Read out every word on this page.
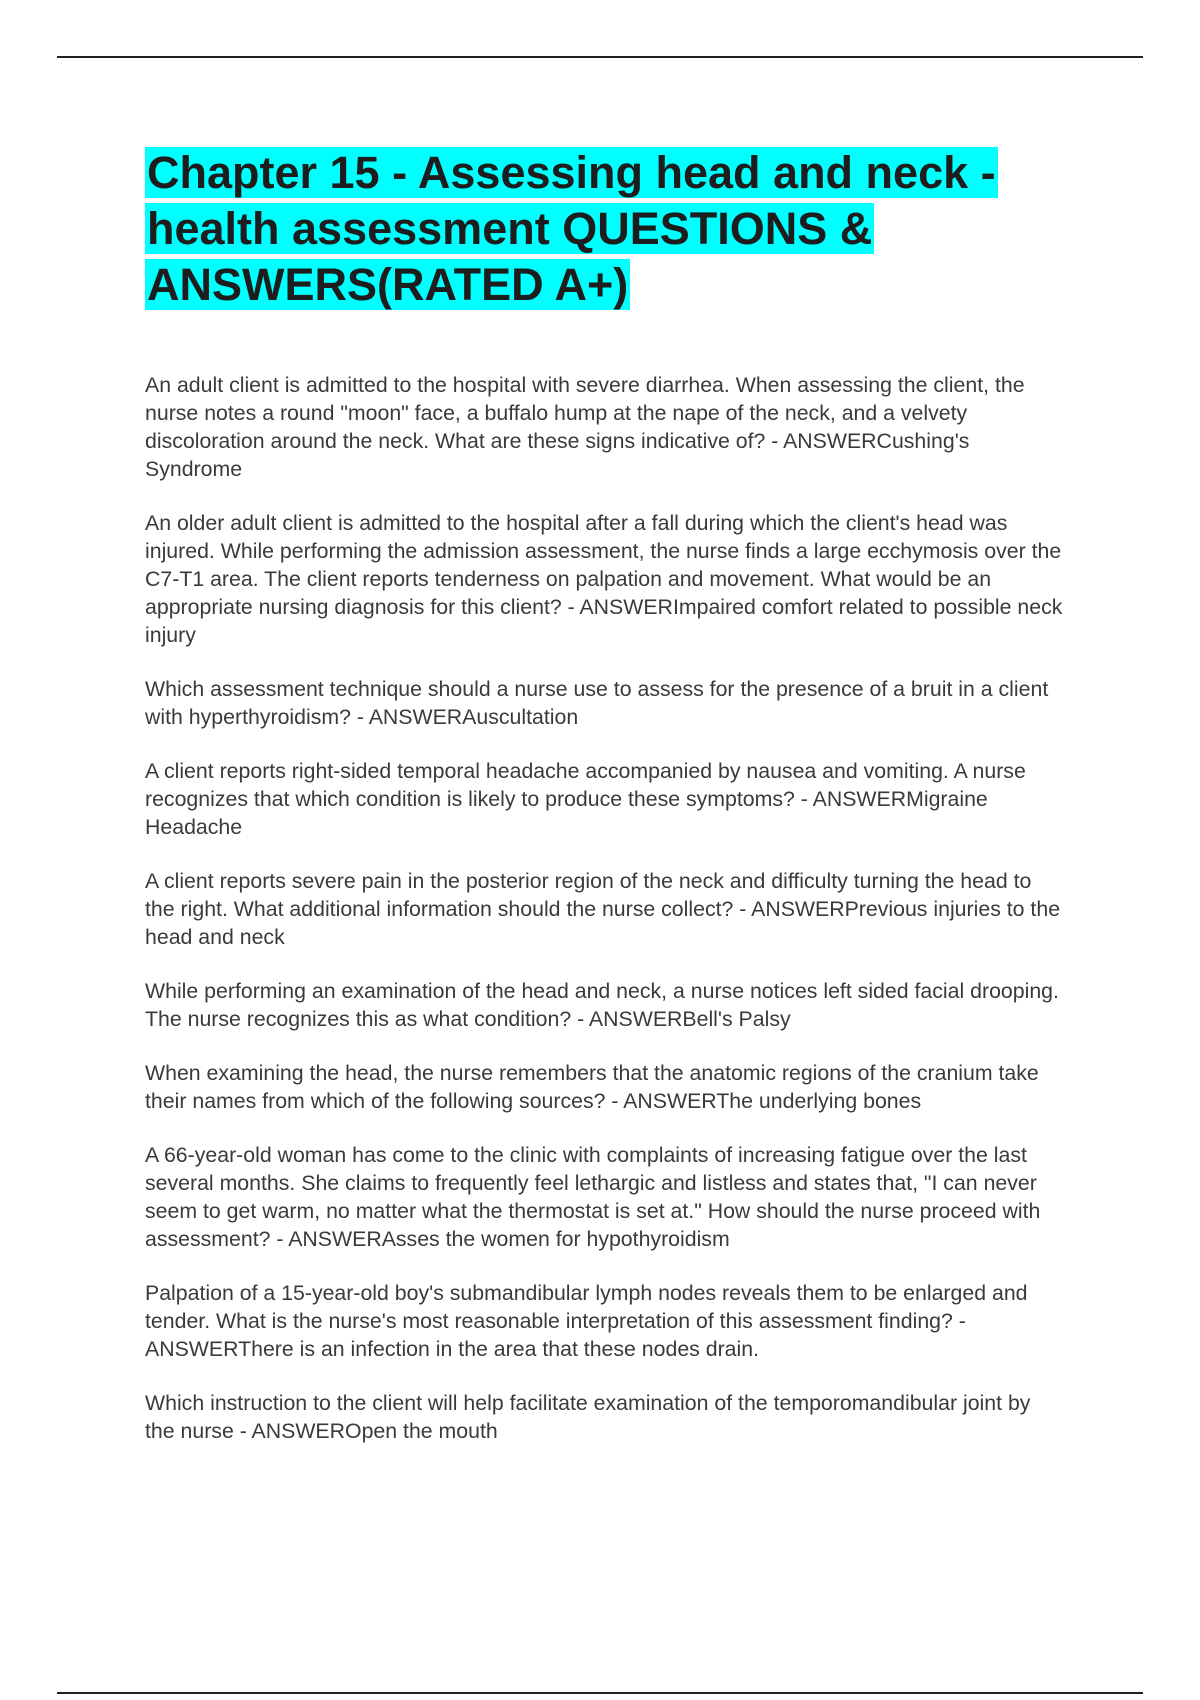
Chapter 15 - Assessing head and neck - health assessment QUESTIONS & ANSWERS(RATED A+)

An adult client is admitted to the hospital with severe diarrhea. When assessing the client, the nurse notes a round "moon" face, a buffalo hump at the nape of the neck, and a velvety discoloration around the neck. What are these signs indicative of? - ANSWERCushing's Syndrome

An older adult client is admitted to the hospital after a fall during which the client's head was injured. While performing the admission assessment, the nurse finds a large ecchymosis over the C7-T1 area. The client reports tenderness on palpation and movement. What would be an appropriate nursing diagnosis for this client? - ANSWERImpaired comfort related to possible neck injury

Which assessment technique should a nurse use to assess for the presence of a bruit in a client with hyperthyroidism? - ANSWERAuscultation

A client reports right-sided temporal headache accompanied by nausea and vomiting. A nurse recognizes that which condition is likely to produce these symptoms? - ANSWERMigraine Headache

A client reports severe pain in the posterior region of the neck and difficulty turning the head to the right. What additional information should the nurse collect? - ANSWERPrevious injuries to the head and neck

While performing an examination of the head and neck, a nurse notices left sided facial drooping. The nurse recognizes this as what condition? - ANSWERBell's Palsy

When examining the head, the nurse remembers that the anatomic regions of the cranium take their names from which of the following sources? - ANSWERThe underlying bones

A 66-year-old woman has come to the clinic with complaints of increasing fatigue over the last several months. She claims to frequently feel lethargic and listless and states that, "I can never seem to get warm, no matter what the thermostat is set at." How should the nurse proceed with assessment? - ANSWERAsses the women for hypothyroidism

Palpation of a 15-year-old boy's submandibular lymph nodes reveals them to be enlarged and tender. What is the nurse's most reasonable interpretation of this assessment finding? - ANSWERThere is an infection in the area that these nodes drain.

Which instruction to the client will help facilitate examination of the temporomandibular joint by the nurse - ANSWEROpen the mouth
